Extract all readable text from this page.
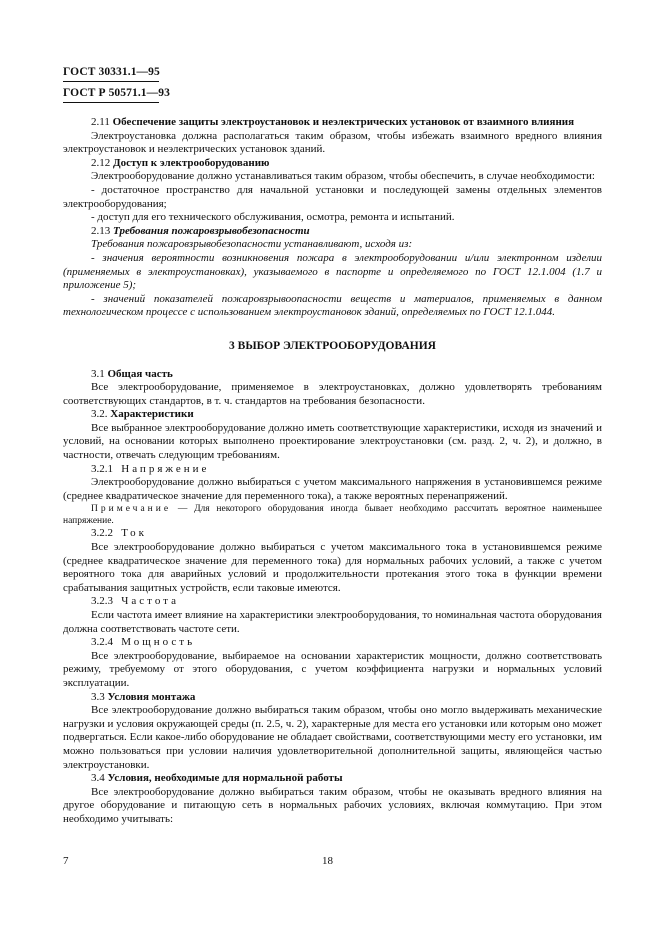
ГОСТ 30331.1—95
ГОСТ Р 50571.1—93

2.11 Обеспечение защиты электроустановок и неэлектрических установок от взаимного влияния

Электроустановка должна располагаться таким образом, чтобы избежать взаимного вредного влияния электроустановок и неэлектрических установок зданий.

2.12 Доступ к электрооборудованию

Электрооборудование должно устанавливаться таким образом, чтобы обеспечить, в случае необходимости:

- достаточное пространство для начальной установки и последующей замены отдельных элементов электрооборудования;

- доступ для его технического обслуживания, осмотра, ремонта и испытаний.

2.13 Требования пожаровзрывобезопасности

Требования пожаровзрывобезопасности устанавливают, исходя из:

- значения вероятности возникновения пожара в электрооборудовании и/или электронном изделии (применяемых в электроустановках), указываемого в паспорте и определяемого по ГОСТ 12.1.004 (1.7 и приложение 5);

- значений показателей пожаровзрывоопасности веществ и материалов, применяемых в данном технологическом процессе с использованием электроустановок зданий, определяемых по ГОСТ 12.1.044.

3 ВЫБОР ЭЛЕКТРООБОРУДОВАНИЯ

3.1 Общая часть

Все электрооборудование, применяемое в электроустановках, должно удовлетворять требованиям соответствующих стандартов, в т. ч. стандартов на требования безопасности.

3.2. Характеристики

Все выбранное электрооборудование должно иметь соответствующие характеристики, исходя из значений и условий, на основании которых выполнено проектирование электроустановки (см. разд. 2, ч. 2), и должно, в частности, отвечать следующим требованиям.

3.2.1 Напряжение

Электрооборудование должно выбираться с учетом максимального напряжения в установившемся режиме (среднее квадратическое значение для переменного тока), а также вероятных перенапряжений.

Примечание — Для некоторого оборудования иногда бывает необходимо рассчитать вероятное наименьшее напряжение.

3.2.2 Ток

Все электрооборудование должно выбираться с учетом максимального тока в установившемся режиме (среднее квадратическое значение для переменного тока) для нормальных рабочих условий, а также с учетом вероятного тока для аварийных условий и продолжительности протекания этого тока в функции времени срабатывания защитных устройств, если таковые имеются.

3.2.3 Частота

Если частота имеет влияние на характеристики электрооборудования, то номинальная частота оборудования должна соответствовать частоте сети.

3.2.4 Мощность

Все электрооборудование, выбираемое на основании характеристик мощности, должно соответствовать режиму, требуемому от этого оборудования, с учетом коэффициента нагрузки и нормальных условий эксплуатации.

3.3 Условия монтажа

Все электрооборудование должно выбираться таким образом, чтобы оно могло выдерживать механические нагрузки и условия окружающей среды (п. 2.5, ч. 2), характерные для места его установки или которым оно может подвергаться. Если какое-либо оборудование не обладает свойствами, соответствующими месту его установки, им можно пользоваться при условии наличия удовлетворительной дополнительной защиты, являющейся частью электроустановки.

3.4 Условия, необходимые для нормальной работы

Все электрооборудование должно выбираться таким образом, чтобы не оказывать вредного влияния на другое оборудование и питающую сеть в нормальных рабочих условиях, включая коммутацию. При этом необходимо учитывать:

7	18
